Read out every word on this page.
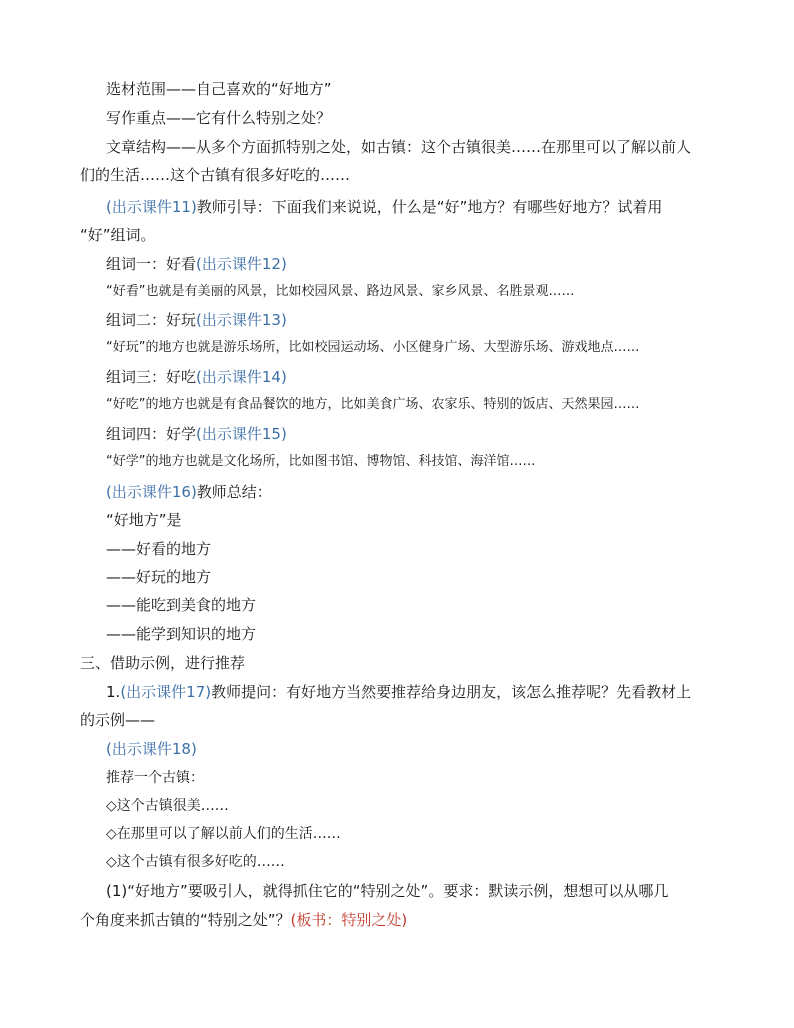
选材范围——自己喜欢的“好地方”
写作重点——它有什么特别之处？
文章结构——从多个方面抓特别之处，如古镇：这个古镇很美……在那里可以了解以前人
们的生活……这个古镇有很多好吃的……
(出示课件11)教师引导：下面我们来说说，什么是“好”地方？有哪些好地方？试着用
“好”组词。
组词一：好看(出示课件12)
“好看”也就是有美丽的风景，比如校园风景、路边风景、家乡风景、名胜景观……
组词二：好玩(出示课件13)
“好玩”的地方也就是游乐场所，比如校园运动场、小区健身广场、大型游乐场、游戏地点……
组词三：好吃(出示课件14)
“好吃”的地方也就是有食品餐饮的地方，比如美食广场、农家乐、特别的饭店、天然果园……
组词四：好学(出示课件15)
“好学”的地方也就是文化场所，比如图书馆、博物馆、科技馆、海洋馆……
(出示课件16)教师总结：
“好地方”是
——好看的地方
——好玩的地方
——能吃到美食的地方
——能学到知识的地方
三、借助示例，进行推荐
1.(出示课件17)教师提问：有好地方当然要推荐给身边朋友，该怎么推荐呢？先看教材上
的示例——
(出示课件18)
推荐一个古镇：
◇这个古镇很美……
◇在那里可以了解以前人们的生活……
◇这个古镇有很多好吃的……
(1)“好地方”要吸引人，就得抓住它的“特别之处”。要求：默读示例，想想可以从哪几
个角度来抓古镇的“特别之处”？(板书：特别之处)
